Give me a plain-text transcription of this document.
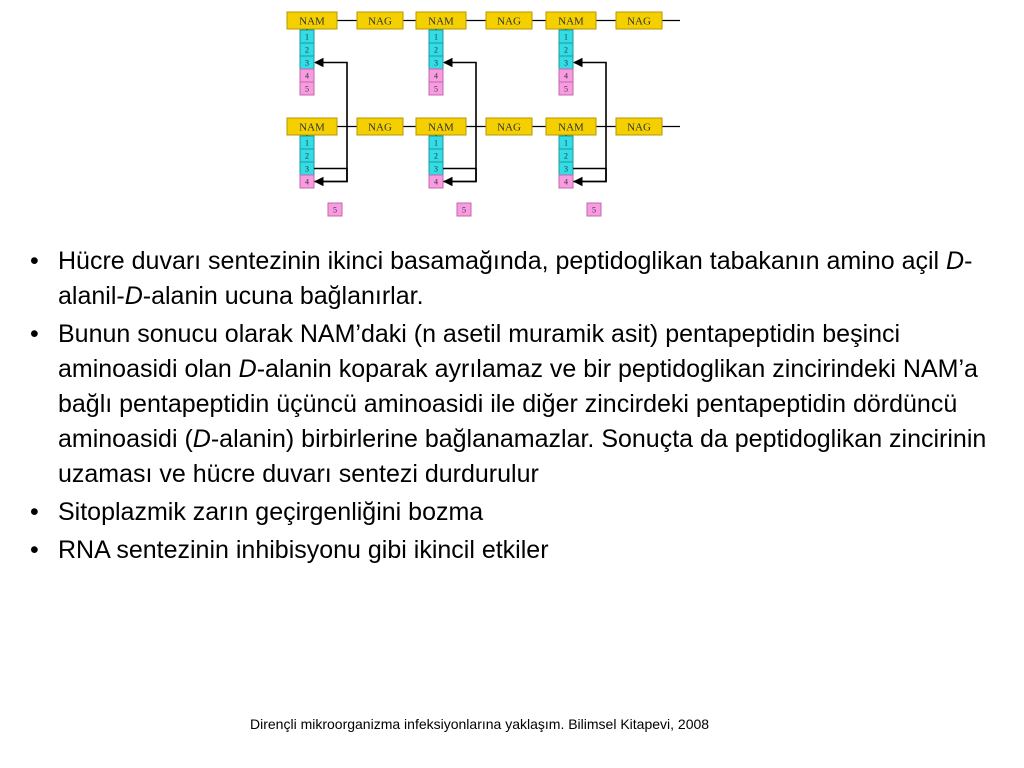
NAM	NAG
1
2
3
4
5
NAM	NAG
1
2
3
4
5
NAM	NAG
1
2
3
4
5
NAM	NAG
1
2
3
4
5
NAM	NAG
1
2
3
4
5
NAM	NAG
1
2
3
4
5
• Hücre duvarı sentezinin ikinci basamağında, peptidoglikan tabakanın amino açil D-alanil-D-alanin ucuna bağlanırlar.
• Bunun sonucu olarak NAM’daki (n asetil muramik asit) pentapeptidin beşinci aminoasidi olan D-alanin koparak ayrılamaz ve bir peptidoglikan zincirindeki NAM’a bağlı pentapeptidin üçüncü aminoasidi ile diğer zincirdeki pentapeptidin dördüncü aminoasidi (D-alanin) birbirlerine bağlanamazlar. Sonuçta da peptidoglikan zincirinin uzaması ve hücre duvarı sentezi durdurulur
• Sitoplazmik zarın geçirgenliğini bozma
• RNA sentezinin inhibisyonu gibi ikincil etkiler
Dirençli mikroorganizma infeksiyonlarına yaklaşım. Bilimsel Kitapevi, 2008
